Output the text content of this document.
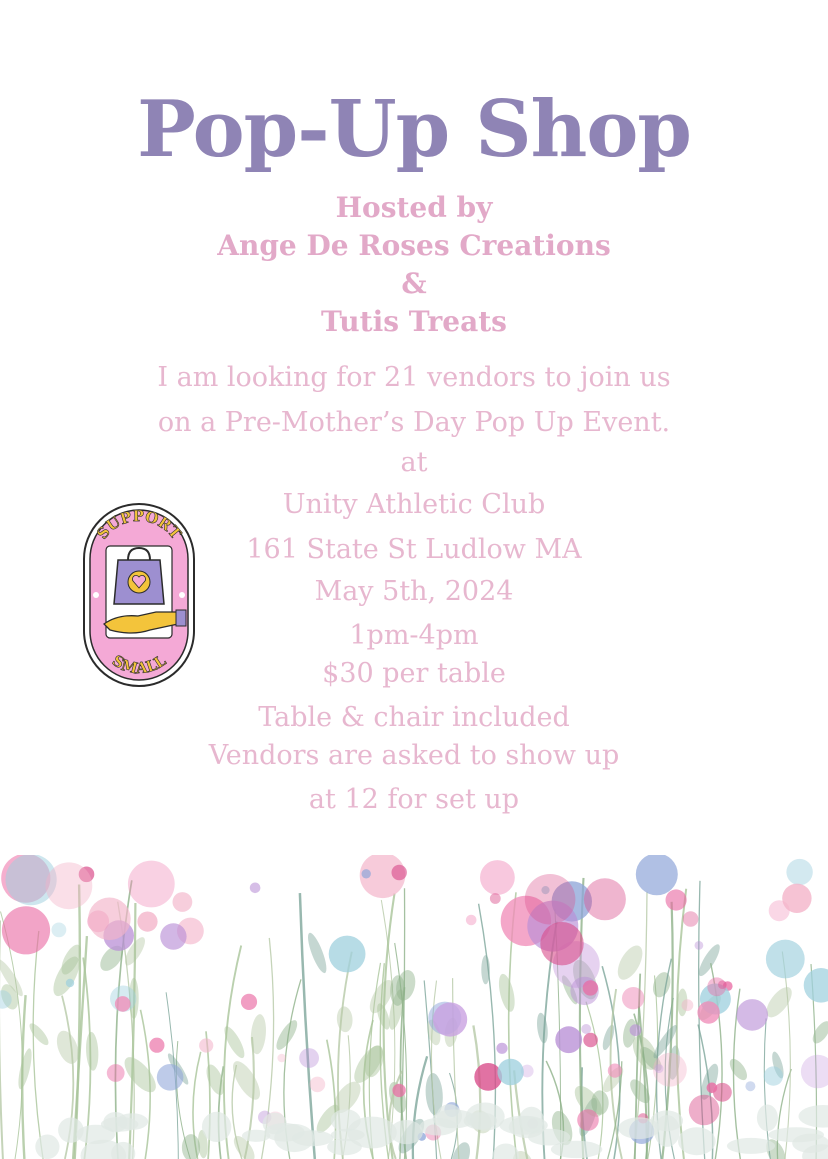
Pop-Up Shop
Hosted by
Ange De Roses Creations
&
Tutis Treats
I am looking for 21 vendors to join us
on a Pre-Mother’s Day Pop Up Event.
at
Unity Athletic Club
161 State St Ludlow MA
May 5th, 2024
1pm-4pm
$30 per table
Table & chair included
Vendors are asked to show up
at 12 for set up
SUPPORT
SMALL
